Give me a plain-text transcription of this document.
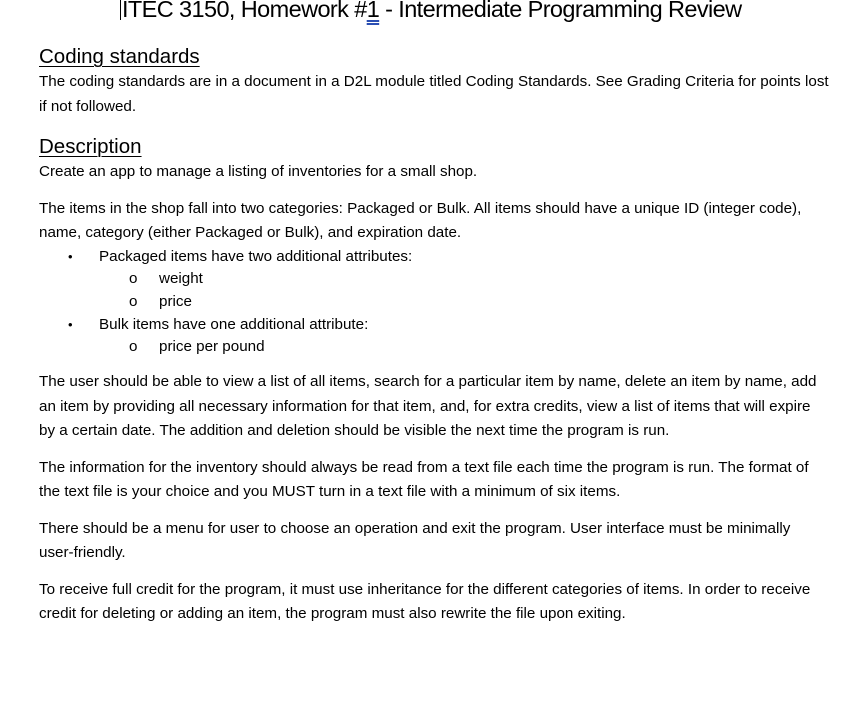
ITEC 3150, Homework #1 - Intermediate Programming Review
Coding standards

The coding standards are in a document in a D2L module titled Coding Standards. See Grading Criteria for points lost if not followed.

Description

Create an app to manage a listing of inventories for a small shop.

The items in the shop fall into two categories: Packaged or Bulk. All items should have a unique ID (integer code), name, category (either Packaged or Bulk), and expiration date.

• Packaged items have two additional attributes:
o weight
o price
• Bulk items have one additional attribute:
o price per pound

The user should be able to view a list of all items, search for a particular item by name, delete an item by name, add an item by providing all necessary information for that item, and, for extra credits, view a list of items that will expire by a certain date. The addition and deletion should be visible the next time the program is run.

The information for the inventory should always be read from a text file each time the program is run. The format of the text file is your choice and you MUST turn in a text file with a minimum of six items.

There should be a menu for user to choose an operation and exit the program. User interface must be minimally user-friendly.

To receive full credit for the program, it must use inheritance for the different categories of items. In order to receive credit for deleting or adding an item, the program must also rewrite the file upon exiting.
